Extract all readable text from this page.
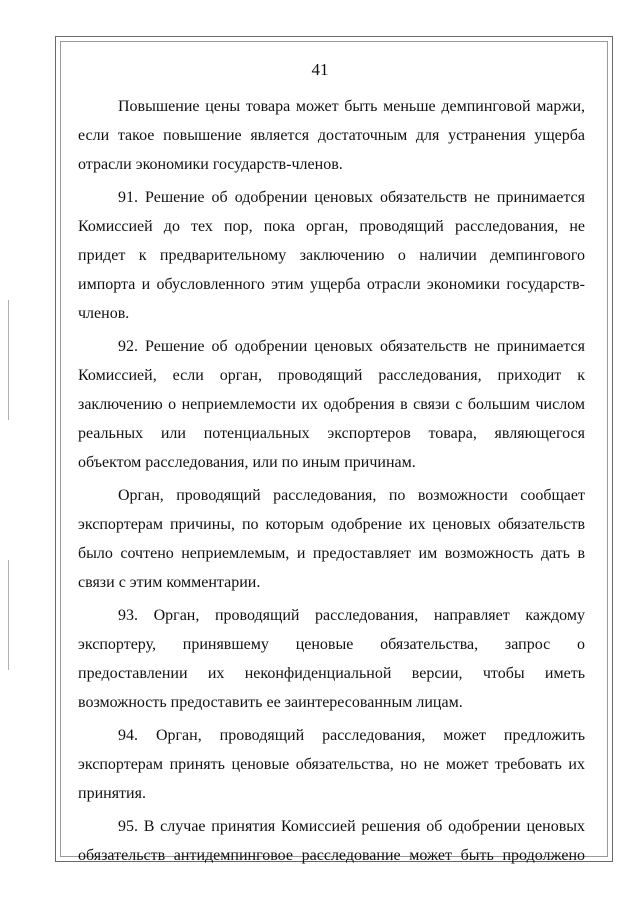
41

Повышение цены товара может быть меньше демпинговой маржи,
если такое повышение является достаточным для устранения ущерба
отрасли экономики государств-членов.

91. Решение об одобрении ценовых обязательств не принимается
Комиссией до тех пор, пока орган, проводящий расследования, не
придет к предварительному заключению о наличии демпингового
импорта и обусловленного этим ущерба отрасли экономики государств-
членов.

92. Решение об одобрении ценовых обязательств не принимается
Комиссией, если орган, проводящий расследования, приходит к
заключению о неприемлемости их одобрения в связи с большим числом
реальных или потенциальных экспортеров товара, являющегося
объектом расследования, или по иным причинам.

Орган, проводящий расследования, по возможности сообщает
экспортерам причины, по которым одобрение их ценовых обязательств
было сочтено неприемлемым, и предоставляет им возможность дать в
связи с этим комментарии.

93. Орган, проводящий расследования, направляет каждому
экспортеру, принявшему ценовые обязательства, запрос о
предоставлении их неконфиденциальной версии, чтобы иметь
возможность предоставить ее заинтересованным лицам.

94. Орган, проводящий расследования, может предложить
экспортерам принять ценовые обязательства, но не может требовать их
принятия.

95. В случае принятия Комиссией решения об одобрении ценовых
обязательств антидемпинговое расследование может быть продолжено
